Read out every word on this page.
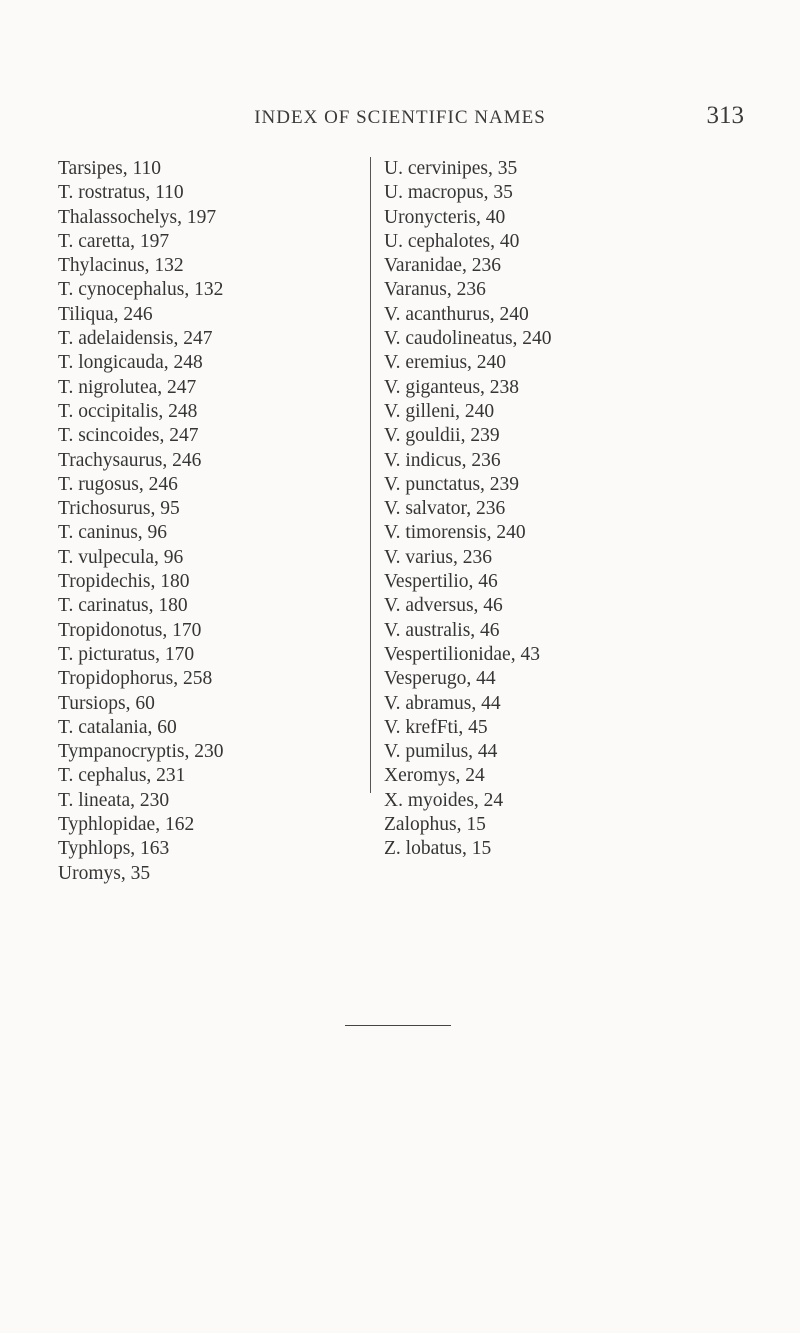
INDEX OF SCIENTIFIC NAMES	313
Tarsipes, 110
T. rostratus, 110
Thalassochelys, 197
T. caretta, 197
Thylacinus, 132
T. cynocephalus, 132
Tiliqua, 246
T. adelaidensis, 247
T. longicauda, 248
T. nigrolutea, 247
T. occipitalis, 248
T. scincoides, 247
Trachysaurus, 246
T. rugosus, 246
Trichosurus, 95
T. caninus, 96
T. vulpecula, 96
Tropidechis, 180
T. carinatus, 180
Tropidonotus, 170
T. picturatus, 170
Tropidophorus, 258
Tursiops, 60
T. catalania, 60
Tympanocryptis, 230
T. cephalus, 231
T. lineata, 230
Typhlopidae, 162
Typhlops, 163
Uromys, 35
U. cervinipes, 35
U. macropus, 35
Uronycteris, 40
U. cephalotes, 40
Varanidae, 236
Varanus, 236
V. acanthurus, 240
V. caudolineatus, 240
V. eremius, 240
V. giganteus, 238
V. gilleni, 240
V. gouldii, 239
V. indicus, 236
V. punctatus, 239
V. salvator, 236
V. timorensis, 240
V. varius, 236
Vespertilio, 46
V. adversus, 46
V. australis, 46
Vespertilionidae, 43
Vesperugo, 44
V. abramus, 44
V. krefFti, 45
V. pumilus, 44
Xeromys, 24
X. myoides, 24
Zalophus, 15
Z. lobatus, 15
